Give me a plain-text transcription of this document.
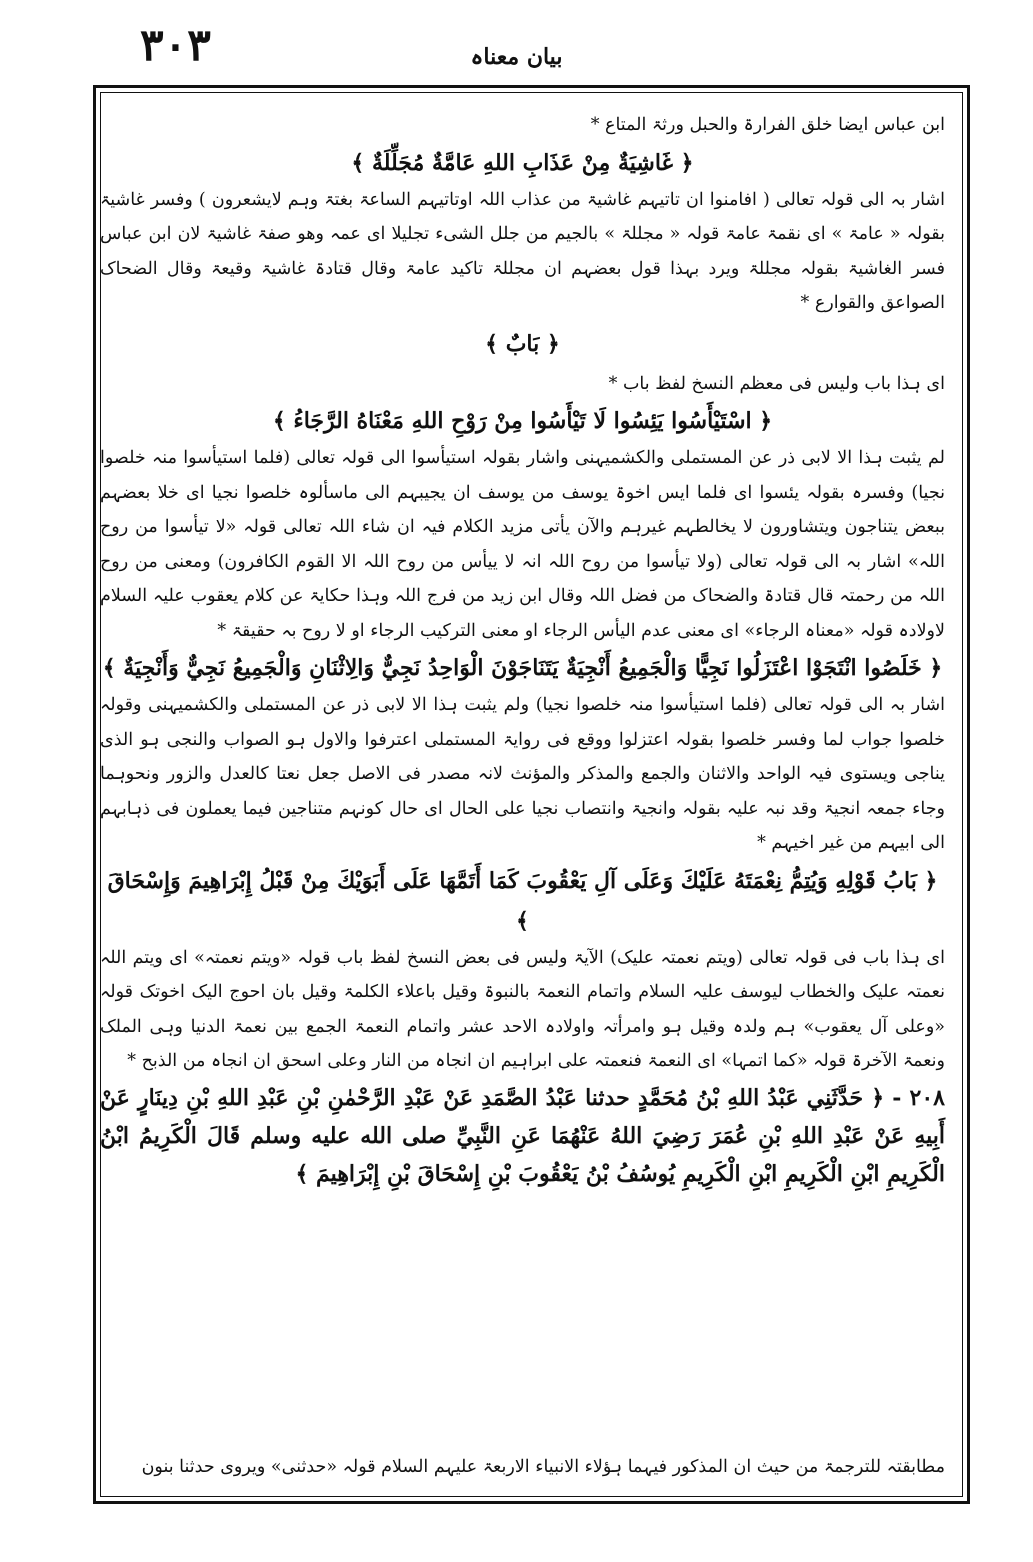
٣٠٣	بیان معناہ

ابن عباس ایضا خلق الفرارۃ والحبل ورثۃ المتاع *

﴿ غَاشِيَةٌ مِنْ عَذَابِ اللهِ عَامَّةٌ مُجَلِّلَةٌ ﴾

اشار بہ الی قولہ تعالی ( افامنوا ان تاتیہم غاشیۃ من عذاب اللہ اوتاتیہم الساعۃ بغتۃ وہم لایشعرون ) وفسر غاشیۃ بقولہ « عامۃ » ای نقمۃ عامۃ قولہ « مجللۃ » بالجیم من جلل الشیء تجلیلا ای عمہ وھو صفۃ غاشیۃ لان ابن عباس فسر الغاشیۃ بقولہ مجللۃ ویرد بہذا قول بعضہم ان مجللۃ تاکید عامۃ وقال قتادۃ غاشیۃ وقیعۃ وقال الضحاک الصواعق والقوارع *

﴿ بَابٌ ﴾

ای ہذا باب ولیس فی معظم النسخ لفظ باب *

﴿ اسْتَيْأَسُوا يَئِسُوا لَا تَيْأَسُوا مِنْ رَوْحِ اللهِ مَعْنَاهُ الرَّجَاءُ ﴾

لم یثبت ہذا الا لابی ذر عن المستملی والکشمیہنی واشار بقولہ استیأسوا الی قولہ تعالی (فلما استیأسوا منہ خلصوا نجیا) وفسرہ بقولہ یئسوا ای فلما ایس اخوۃ یوسف من یوسف ان یجیبہم الی ماسألوہ خلصوا نجیا ای خلا بعضہم ببعض یتناجون ویتشاورون لا یخالطہم غیرہم والآن یأتی مزید الکلام فیہ ان شاء اللہ تعالی قولہ «لا تیأسوا من روح اللہ» اشار بہ الی قولہ تعالی (ولا تیأسوا من روح اللہ انہ لا ییأس من روح اللہ الا القوم الکافرون) ومعنی من روح اللہ من رحمتہ قال قتادۃ والضحاک من فضل اللہ وقال ابن زید من فرج اللہ وہذا حکایۃ عن کلام یعقوب علیہ السلام لاولادہ قولہ «معناہ الرجاء» ای معنی عدم الیأس الرجاء او معنی الترکیب الرجاء او لا روح بہ حقیقۃ *

﴿ خَلَصُوا انْتَجَوْا اعْتَزَلُوا نَجِيًّا وَالْجَمِيعُ أَنْجِيَةٌ يَتَنَاجَوْنَ الْوَاحِدُ نَجِيٌّ وَالِاثْنَانِ وَالْجَمِيعُ نَجِيٌّ وَأَنْجِيَةٌ ﴾

اشار بہ الی قولہ تعالی (فلما استیأسوا منہ خلصوا نجیا) ولم یثبت ہذا الا لابی ذر عن المستملی والکشمیہنی وقولہ خلصوا جواب لما وفسر خلصوا بقولہ اعتزلوا ووقع فی روایۃ المستملی اعترفوا والاول ہو الصواب والنجی ہو الذی یناجی ویستوی فیہ الواحد والاثنان والجمع والمذکر والمؤنث لانہ مصدر فی الاصل جعل نعتا کالعدل والزور ونحوہما وجاء جمعہ انجیۃ وقد نبہ علیہ بقولہ وانجیۃ وانتصاب نجیا علی الحال ای حال کونہم متناجین فیما یعملون فی ذہابہم الی ابیہم من غیر اخیہم *

﴿ بَابُ قَوْلِهِ وَيُتِمُّ نِعْمَتَهُ عَلَيْكَ وَعَلَى آلِ يَعْقُوبَ كَمَا أَتَمَّهَا عَلَى أَبَوَيْكَ مِنْ قَبْلُ إِبْرَاهِيمَ وَإِسْحَاقَ ﴾

ای ہذا باب فی قولہ تعالی (ویتم نعمتہ علیک) الآیۃ ولیس فی بعض النسخ لفظ باب قولہ «ویتم نعمتہ» ای ویتم اللہ نعمتہ علیک والخطاب لیوسف علیہ السلام واتمام النعمۃ بالنبوۃ وقیل باعلاء الکلمۃ وقیل بان احوج الیک اخوتک قولہ «وعلی آل یعقوب» ہم ولدہ وقیل ہو وامرأتہ واولادہ الاحد عشر واتمام النعمۃ الجمع بین نعمۃ الدنیا وہی الملک ونعمۃ الآخرۃ قولہ «کما اتمہا» ای النعمۃ فنعمتہ علی ابراہیم ان انجاہ من النار وعلی اسحق ان انجاہ من الذبح *

٢٠٨ - ﴿ حَدَّثَنِي عَبْدُ اللهِ بْنُ مُحَمَّدٍ حدثنا عَبْدُ الصَّمَدِ عَنْ عَبْدِ الرَّحْمٰنِ بْنِ عَبْدِ اللهِ بْنِ دِينَارٍ عَنْ أَبِيهِ عَنْ عَبْدِ اللهِ بْنِ عُمَرَ رَضِيَ اللهُ عَنْهُمَا عَنِ النَّبِيِّ صلى الله عليه وسلم قَالَ الْكَرِيمُ ابْنُ الْكَرِيمِ ابْنِ الْكَرِيمِ ابْنِ الْكَرِيمِ يُوسُفُ بْنُ يَعْقُوبَ بْنِ إِسْحَاقَ بْنِ إِبْرَاهِيمَ ﴾

مطابقتہ للترجمۃ من حیث ان المذکور فیہما ہؤلاء الانبیاء الاربعۃ علیہم السلام قولہ «حدثنی» ویروی حدثنا بنون
